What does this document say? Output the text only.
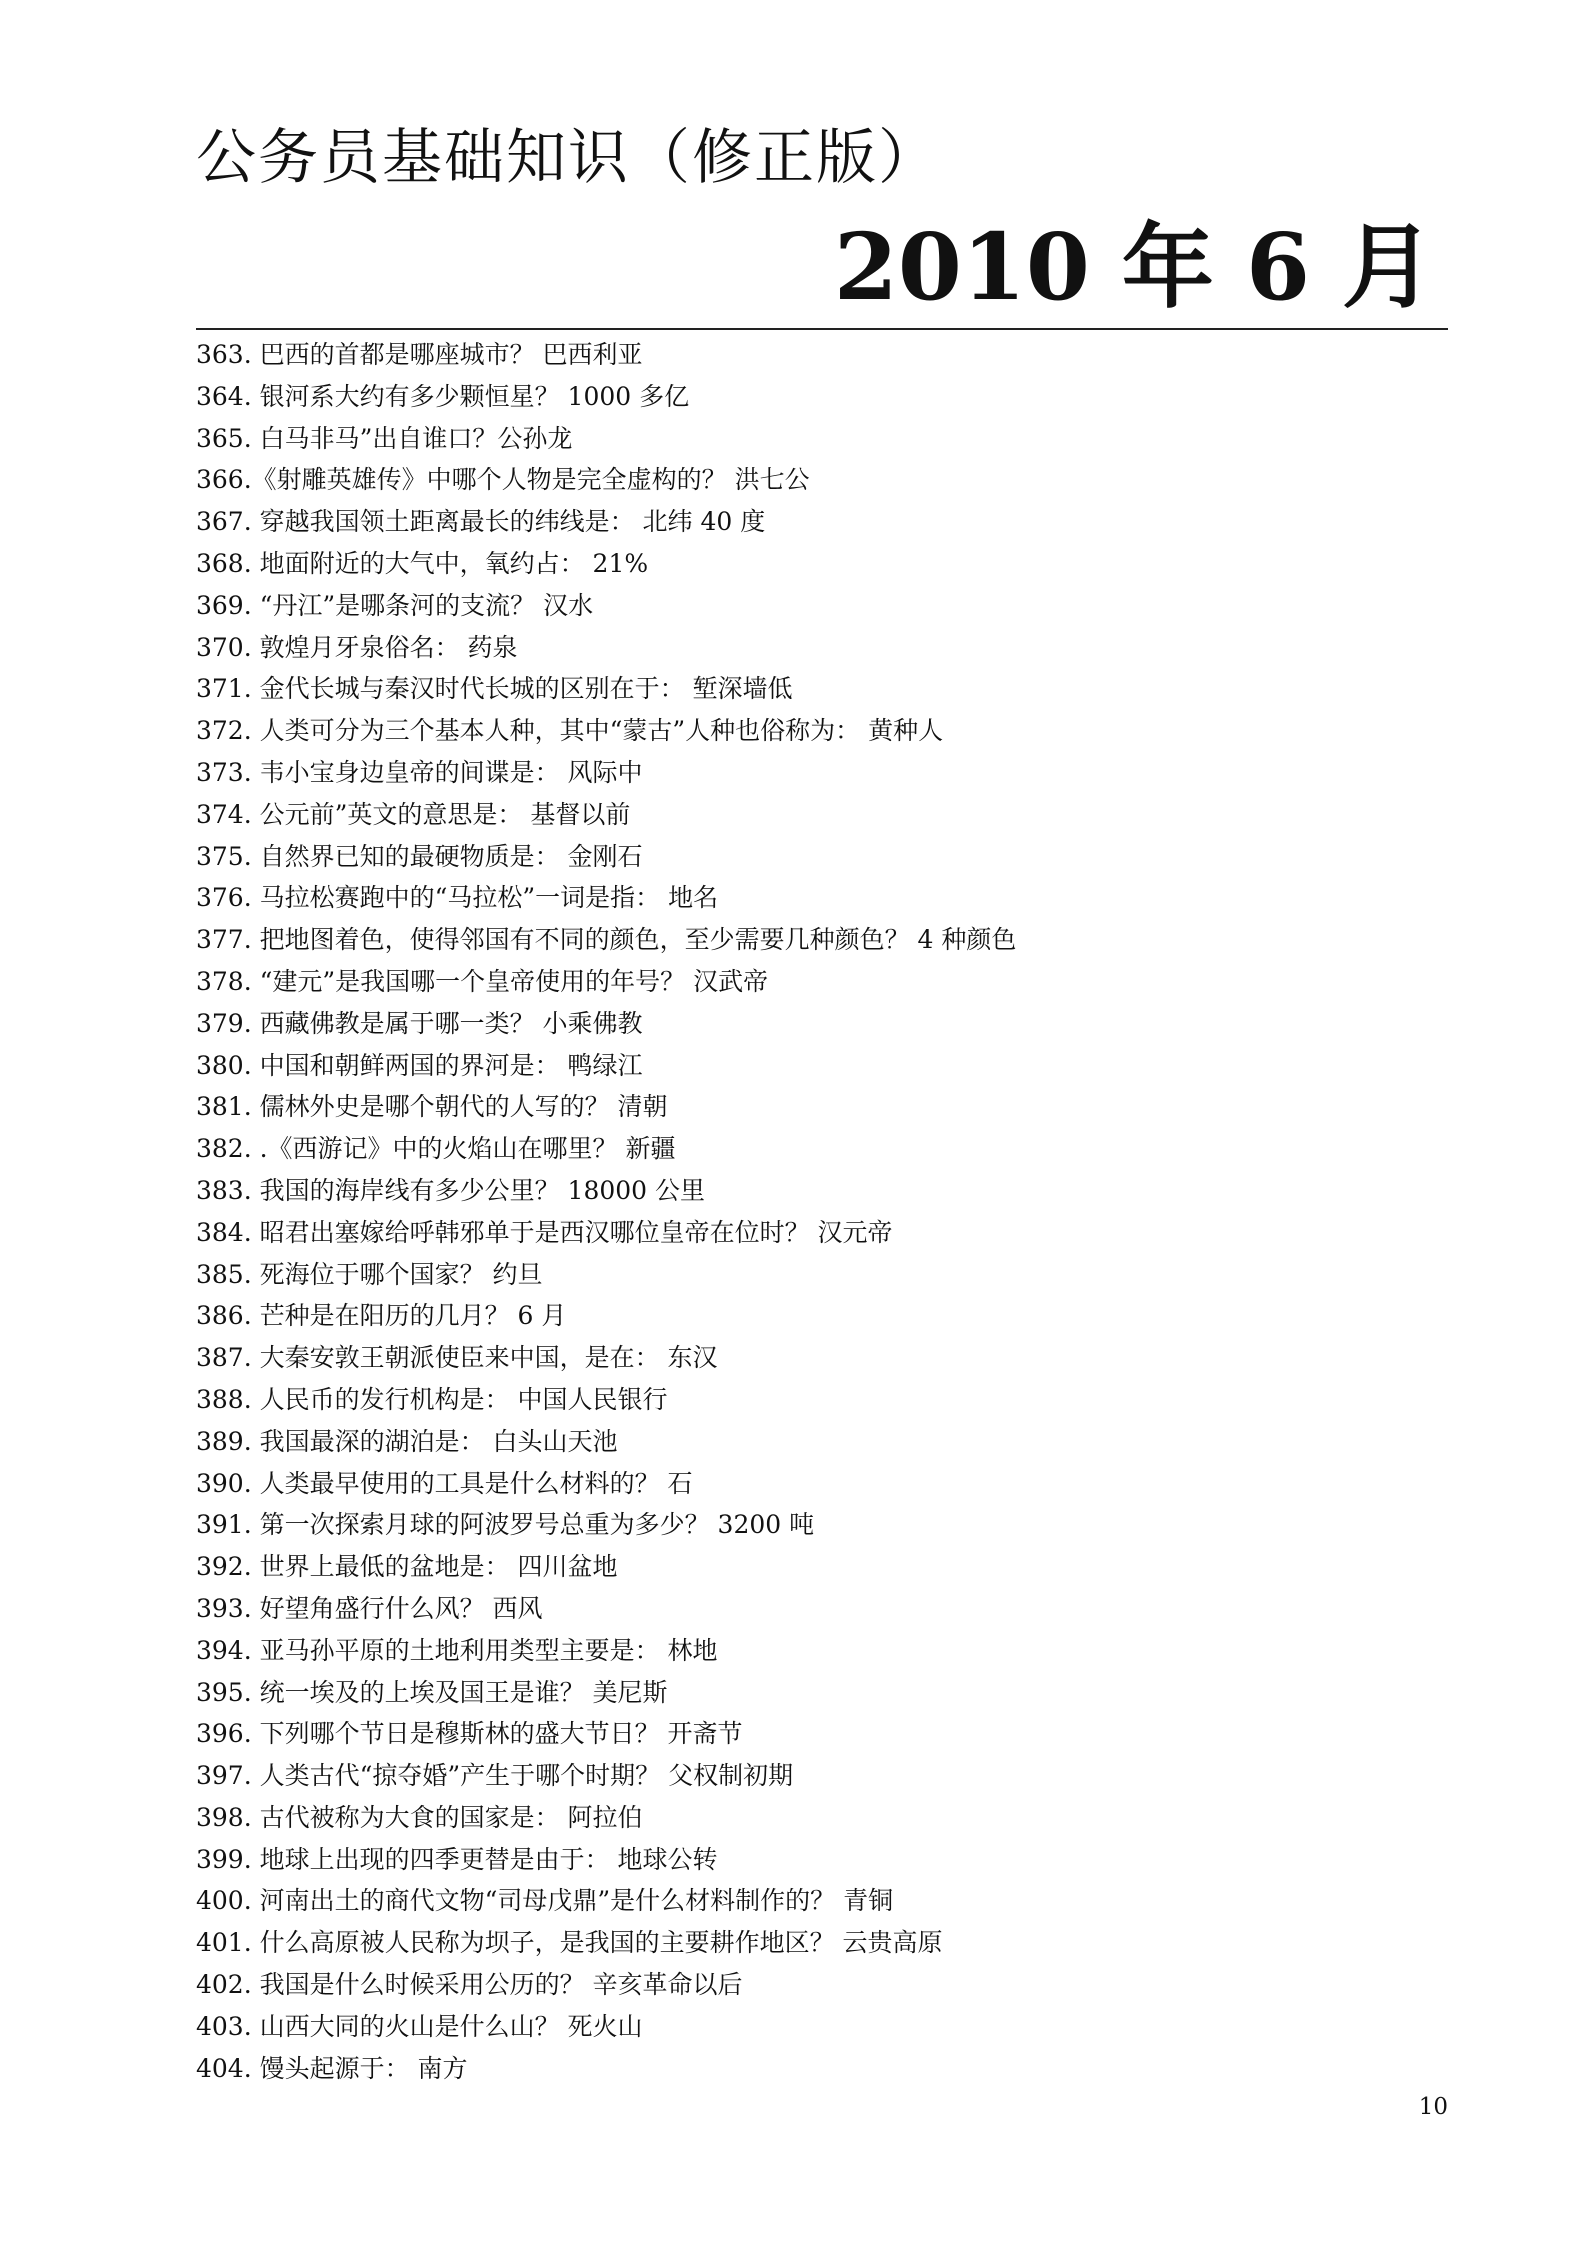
公务员基础知识（修正版）
2010 年 6 月
363. 巴西的首都是哪座城市？ 巴西利亚
364. 银河系大约有多少颗恒星？ 1000 多亿
365. 白马非马”出自谁口？公孙龙
366.《射雕英雄传》中哪个人物是完全虚构的？ 洪七公
367. 穿越我国领土距离最长的纬线是： 北纬 40 度
368. 地面附近的大气中，氧约占： 21%
369. “丹江”是哪条河的支流？ 汉水
370. 敦煌月牙泉俗名： 药泉
371. 金代长城与秦汉时代长城的区别在于： 堑深墙低
372. 人类可分为三个基本人种，其中“蒙古”人种也俗称为： 黄种人
373. 韦小宝身边皇帝的间谍是： 风际中
374. 公元前”英文的意思是： 基督以前
375. 自然界已知的最硬物质是： 金刚石
376. 马拉松赛跑中的“马拉松”一词是指： 地名
377. 把地图着色，使得邻国有不同的颜色，至少需要几种颜色？ 4 种颜色
378. “建元”是我国哪一个皇帝使用的年号？ 汉武帝
379. 西藏佛教是属于哪一类？ 小乘佛教
380. 中国和朝鲜两国的界河是： 鸭绿江
381. 儒林外史是哪个朝代的人写的？ 清朝
382. .《西游记》中的火焰山在哪里？ 新疆
383. 我国的海岸线有多少公里？ 18000 公里
384. 昭君出塞嫁给呼韩邪单于是西汉哪位皇帝在位时？ 汉元帝
385. 死海位于哪个国家？ 约旦
386. 芒种是在阳历的几月？ 6 月
387. 大秦安敦王朝派使臣来中国，是在： 东汉
388. 人民币的发行机构是： 中国人民银行
389. 我国最深的湖泊是： 白头山天池
390. 人类最早使用的工具是什么材料的？ 石
391. 第一次探索月球的阿波罗号总重为多少？ 3200 吨
392. 世界上最低的盆地是： 四川盆地
393. 好望角盛行什么风？ 西风
394. 亚马孙平原的土地利用类型主要是： 林地
395. 统一埃及的上埃及国王是谁？ 美尼斯
396. 下列哪个节日是穆斯林的盛大节日？ 开斋节
397. 人类古代“掠夺婚”产生于哪个时期？ 父权制初期
398. 古代被称为大食的国家是： 阿拉伯
399. 地球上出现的四季更替是由于： 地球公转
400. 河南出土的商代文物“司母戊鼎”是什么材料制作的？ 青铜
401. 什么高原被人民称为坝子，是我国的主要耕作地区？ 云贵高原
402. 我国是什么时候采用公历的？ 辛亥革命以后
403. 山西大同的火山是什么山？ 死火山
404. 馒头起源于： 南方
10
